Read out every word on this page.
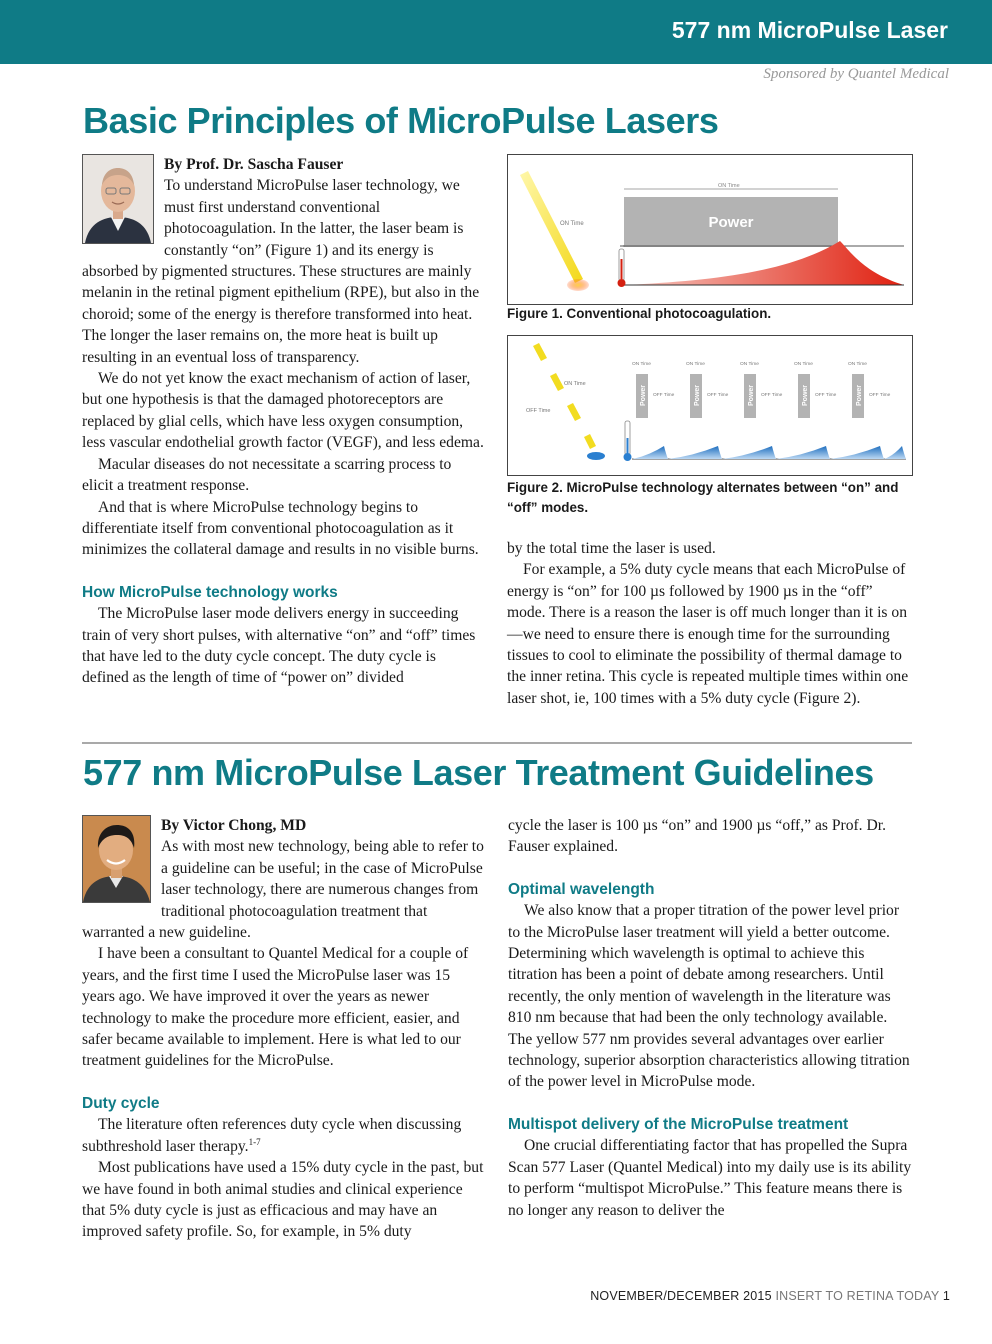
577 nm MicroPulse Laser
Sponsored by Quantel Medical
Basic Principles of MicroPulse Lasers

By Prof. Dr. Sascha Fauser

To understand MicroPulse laser technology, we must first understand conventional photocoagulation. In the latter, the laser beam is constantly “on” (Figure 1) and its energy is absorbed by pigmented structures. These structures are mainly melanin in the retinal pigment epithelium (RPE), but also in the choroid; some of the energy is therefore transformed into heat. The longer the laser remains on, the more heat is built up resulting in an eventual loss of transparency.

We do not yet know the exact mechanism of action of laser, but one hypothesis is that the damaged photoreceptors are replaced by glial cells, which have less oxygen consumption, less vascular endothelial growth factor (VEGF), and less edema.

Macular diseases do not necessitate a scarring process to elicit a treatment response.

And that is where MicroPulse technology begins to differentiate itself from conventional photocoagulation as it minimizes the collateral damage and results in no visible burns.

How MicroPulse technology works

The MicroPulse laser mode delivers energy in succeeding train of very short pulses, with alternative “on” and “off” times that have led to the duty cycle concept. The duty cycle is defined as the length of time of “power on” divided

ON Time
ON Time
Power
Figure 1. Conventional photocoagulation.
ON Time
OFF Time
Power
ON Time
OFF Time	Power
ON Time
OFF Time	Power
ON Time
OFF Time	Power
ON Time
OFF Time	Power
ON Time
OFF Time
Figure 2. MicroPulse technology alternates between “on” and “off” modes.

by the total time the laser is used.

For example, a 5% duty cycle means that each MicroPulse of energy is “on” for 100 µs followed by 1900 µs in the “off” mode. There is a reason the laser is off much longer than it is on—we need to ensure there is enough time for the surrounding tissues to cool to eliminate the possibility of thermal damage to the inner retina. This cycle is repeated multiple times within one laser shot, ie, 100 times with a 5% duty cycle (Figure 2).

577 nm MicroPulse Laser Treatment Guidelines

By Victor Chong, MD

As with most new technology, being able to refer to a guideline can be useful; in the case of MicroPulse laser technology, there are numerous changes from traditional photocoagulation treatment that warranted a new guideline.

I have been a consultant to Quantel Medical for a couple of years, and the first time I used the MicroPulse laser was 15 years ago. We have improved it over the years as newer technology to make the procedure more efficient, easier, and safer became available to implement. Here is what led to our treatment guidelines for the MicroPulse.

Duty cycle

The literature often references duty cycle when discussing subthreshold laser therapy.$^{1-7}$

Most publications have used a 15% duty cycle in the past, but we have found in both animal studies and clinical experience that 5% duty cycle is just as efficacious and may have an improved safety profile. So, for example, in 5% duty

cycle the laser is 100 µs “on” and 1900 µs “off,” as Prof. Dr. Fauser explained.

Optimal wavelength

We also know that a proper titration of the power level prior to the MicroPulse laser treatment will yield a better outcome. Determining which wavelength is optimal to achieve this titration has been a point of debate among researchers. Until recently, the only mention of wavelength in the literature was 810 nm because that had been the only technology available. The yellow 577 nm provides several advantages over earlier technology, superior absorption characteristics allowing titration of the power level in MicroPulse mode.

Multispot delivery of the MicroPulse treatment

One crucial differentiating factor that has propelled the Supra Scan 577 Laser (Quantel Medical) into my daily use is its ability to perform “multispot MicroPulse.” This feature means there is no longer any reason to deliver the

NOVEMBER/DECEMBER 2015 INSERT TO RETINA TODAY 1
